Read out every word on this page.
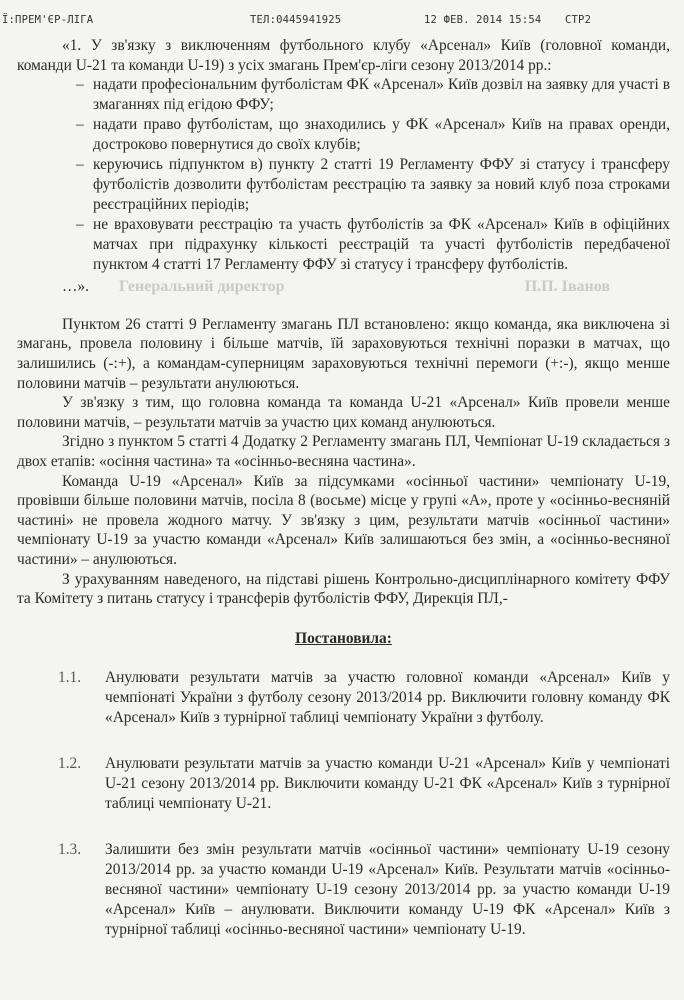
Ї:ПРЕМ'ЄР-ЛІГА	ТЕЛ:0445941925	12 ФЕВ. 2014 15:54 СТР2

«1. У зв'язку з виключенням футбольного клубу «Арсенал» Київ (головної команди, команди U-21 та команди U-19) з усіх змагань Прем'єр-ліги сезону 2013/2014 рр.:

– надати професіональним футболістам ФК «Арсенал» Київ дозвіл на заявку для участі в змаганнях під егідою ФФУ;
– надати право футболістам, що знаходились у ФК «Арсенал» Київ на правах оренди, достроково повернутися до своїх клубів;
– керуючись підпунктом в) пункту 2 статті 19 Регламенту ФФУ зі статусу і трансферу футболістів дозволити футболістам реєстрацію та заявку за новий клуб поза строками реєстраційних періодів;
– не враховувати реєстрацію та участь футболістів за ФК «Арсенал» Київ в офіційних матчах при підрахунку кількості реєстрацій та участі футболістів передбаченої пунктом 4 статті 17 Регламенту ФФУ зі статусу і трансферу футболістів.
…». Генеральний директор	П.П. Іванов

Пунктом 26 статті 9 Регламенту змагань ПЛ встановлено: якщо команда, яка виключена зі змагань, провела половину і більше матчів, їй зараховуються технічні поразки в матчах, що залишились (-:+), а командам-суперницям зараховуються технічні перемоги (+:-), якщо менше половини матчів – результати анулюються.

У зв'язку з тим, що головна команда та команда U-21 «Арсенал» Київ провели менше половини матчів, – результати матчів за участю цих команд анулюються.

Згідно з пунктом 5 статті 4 Додатку 2 Регламенту змагань ПЛ, Чемпіонат U-19 складається з двох етапів: «осіння частина» та «осінньо-весняна частина».

Команда U-19 «Арсенал» Київ за підсумками «осінньої частини» чемпіонату U-19, провівши більше половини матчів, посіла 8 (восьме) місце у групі «А», проте у «осінньо-весняній частині» не провела жодного матчу. У зв'язку з цим, результати матчів «осінньої частини» чемпіонату U-19 за участю команди «Арсенал» Київ залишаються без змін, а «осінньо-весняної частини» – анулюються.

З урахуванням наведеного, на підставі рішень Контрольно-дисциплінарного комітету ФФУ та Комітету з питань статусу і трансферів футболістів ФФУ, Дирекція ПЛ,-

Постановила:
1.1.	Анулювати результати матчів за участю головної команди «Арсенал» Київ у чемпіонаті України з футболу сезону 2013/2014 рр. Виключити головну команду ФК «Арсенал» Київ з турнірної таблиці чемпіонату України з футболу.
1.2.	Анулювати результати матчів за участю команди U-21 «Арсенал» Київ у чемпіонаті U-21 сезону 2013/2014 рр. Виключити команду U-21 ФК «Арсенал» Київ з турнірної таблиці чемпіонату U-21.
1.3.	Залишити без змін результати матчів «осінньої частини» чемпіонату U-19 сезону 2013/2014 рр. за участю команди U-19 «Арсенал» Київ. Результати матчів «осінньо-весняної частини» чемпіонату U-19 сезону 2013/2014 рр. за участю команди U-19 «Арсенал» Київ – анулювати. Виключити команду U-19 ФК «Арсенал» Київ з турнірної таблиці «осінньо-весняної частини» чемпіонату U-19.
